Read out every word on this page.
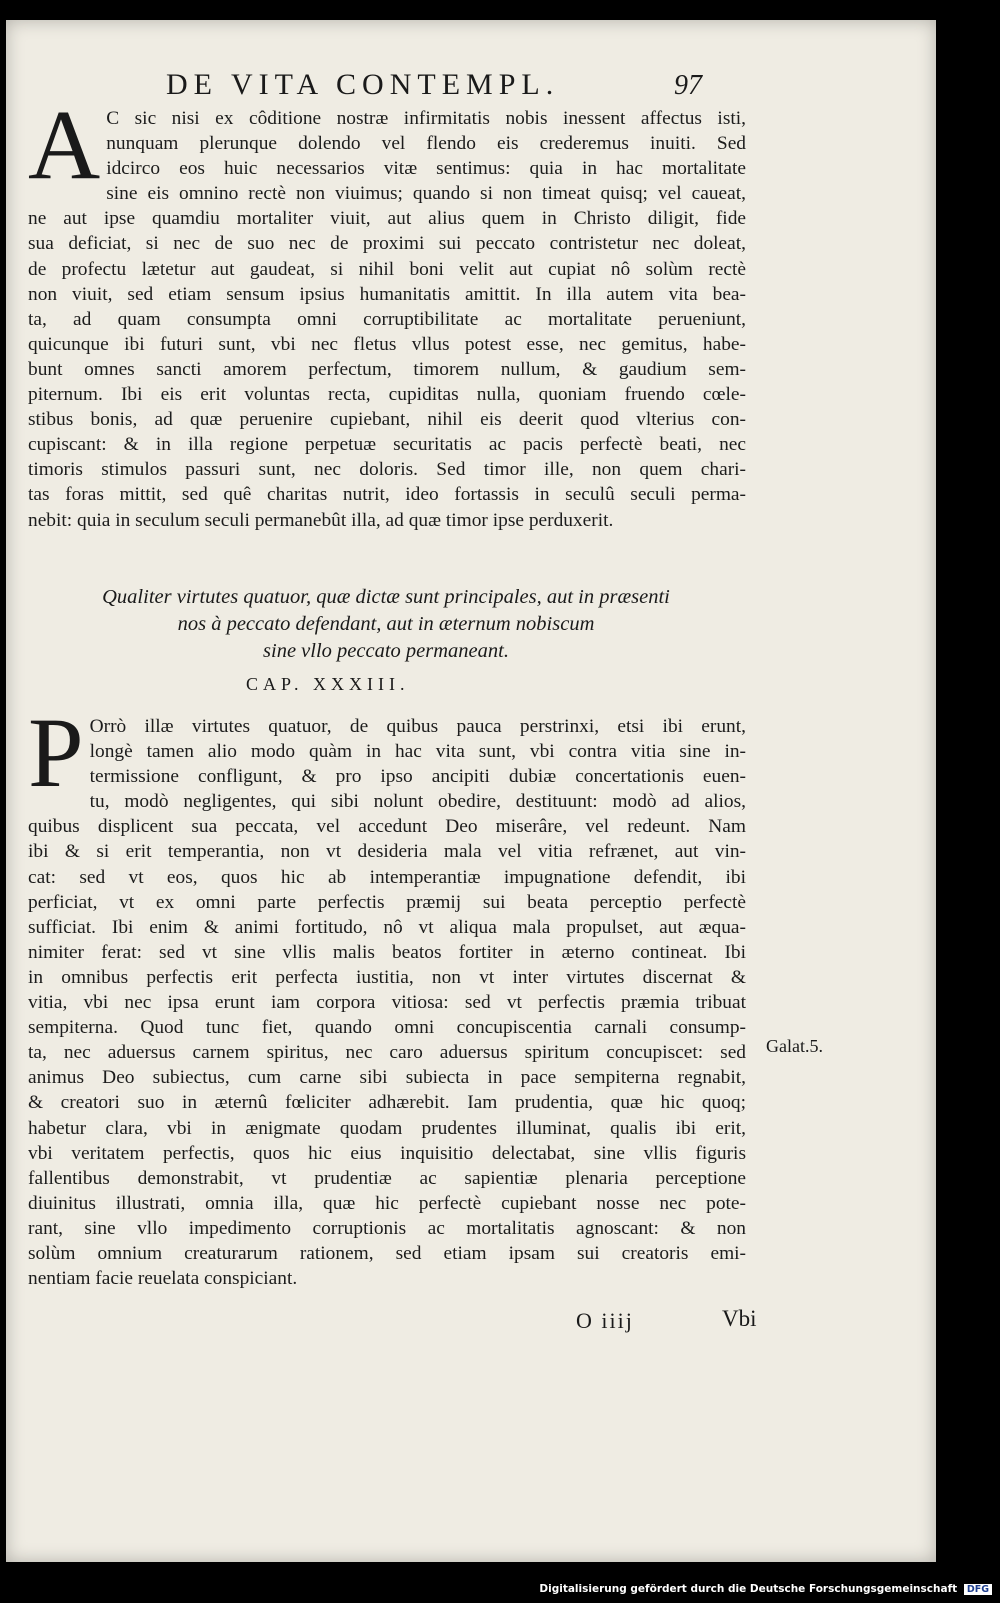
DE VITA CONTEMPL.	97
A C sic nisi ex côditione nostræ infirmitatis nobis inessent affectus isti,
nunquam plerunque dolendo vel flendo eis crederemus inuiti. Sed
idcirco eos huic necessarios vitæ sentimus: quia in hac mortalitate
sine eis omnino rectè non viuimus; quando si non timeat quisq; vel caueat,
ne aut ipse quamdiu mortaliter viuit, aut alius quem in Christo diligit, fide
sua deficiat, si nec de suo nec de proximi sui peccato contristetur nec doleat,
de profectu lætetur aut gaudeat, si nihil boni velit aut cupiat nô solùm rectè
non viuit, sed etiam sensum ipsius humanitatis amittit. In illa autem vita bea-
ta, ad quam consumpta omni corruptibilitate ac mortalitate perueniunt,
quicunque ibi futuri sunt, vbi nec fletus vllus potest esse, nec gemitus, habe-
bunt omnes sancti amorem perfectum, timorem nullum, & gaudium sem-
piternum. Ibi eis erit voluntas recta, cupiditas nulla, quoniam fruendo cœle-
stibus bonis, ad quæ peruenire cupiebant, nihil eis deerit quod vlterius con-
cupiscant: & in illa regione perpetuæ securitatis ac pacis perfectè beati, nec
timoris stimulos passuri sunt, nec doloris. Sed timor ille, non quem chari-
tas foras mittit, sed quê charitas nutrit, ideo fortassis in seculû seculi perma-
nebit: quia in seculum seculi permanebût illa, ad quæ timor ipse perduxerit.
Qualiter virtutes quatuor, quæ dictæ sunt principales, aut in præsenti
nos à peccato defendant, aut in æternum nobiscum
sine vllo peccato permaneant.
CAP. XXXIII.
P Orrò illæ virtutes quatuor, de quibus pauca perstrinxi, etsi ibi erunt,
longè tamen alio modo quàm in hac vita sunt, vbi contra vitia sine in-
termissione confligunt, & pro ipso ancipiti dubiæ concertationis euen-
tu, modò negligentes, qui sibi nolunt obedire, destituunt: modò ad alios,
quibus displicent sua peccata, vel accedunt Deo miserâre, vel redeunt. Nam
ibi & si erit temperantia, non vt desideria mala vel vitia refrænet, aut vin-
cat: sed vt eos, quos hic ab intemperantiæ impugnatione defendit, ibi
perficiat, vt ex omni parte perfectis præmij sui beata perceptio perfectè
sufficiat. Ibi enim & animi fortitudo, nô vt aliqua mala propulset, aut æqua-
nimiter ferat: sed vt sine vllis malis beatos fortiter in æterno contineat. Ibi
in omnibus perfectis erit perfecta iustitia, non vt inter virtutes discernat &
vitia, vbi nec ipsa erunt iam corpora vitiosa: sed vt perfectis præmia tribuat
sempiterna. Quod tunc fiet, quando omni concupiscentia carnali consump-
ta, nec aduersus carnem spiritus, nec caro aduersus spiritum concupiscet: sed
animus Deo subiectus, cum carne sibi subiecta in pace sempiterna regnabit,
& creatori suo in æternû fœliciter adhærebit. Iam prudentia, quæ hic quoq;
habetur clara, vbi in ænigmate quodam prudentes illuminat, qualis ibi erit,
vbi veritatem perfectis, quos hic eius inquisitio delectabat, sine vllis figuris
fallentibus demonstrabit, vt prudentiæ ac sapientiæ plenaria perceptione
diuinitus illustrati, omnia illa, quæ hic perfectè cupiebant nosse nec pote-
rant, sine vllo impedimento corruptionis ac mortalitatis agnoscant: & non
solùm omnium creaturarum rationem, sed etiam ipsam sui creatoris emi-
nentiam facie reuelata conspiciant.
Galat.5.
O iiij	Vbi
Digitalisierung gefördert durch die Deutsche Forschungsgemeinschaft DFG
